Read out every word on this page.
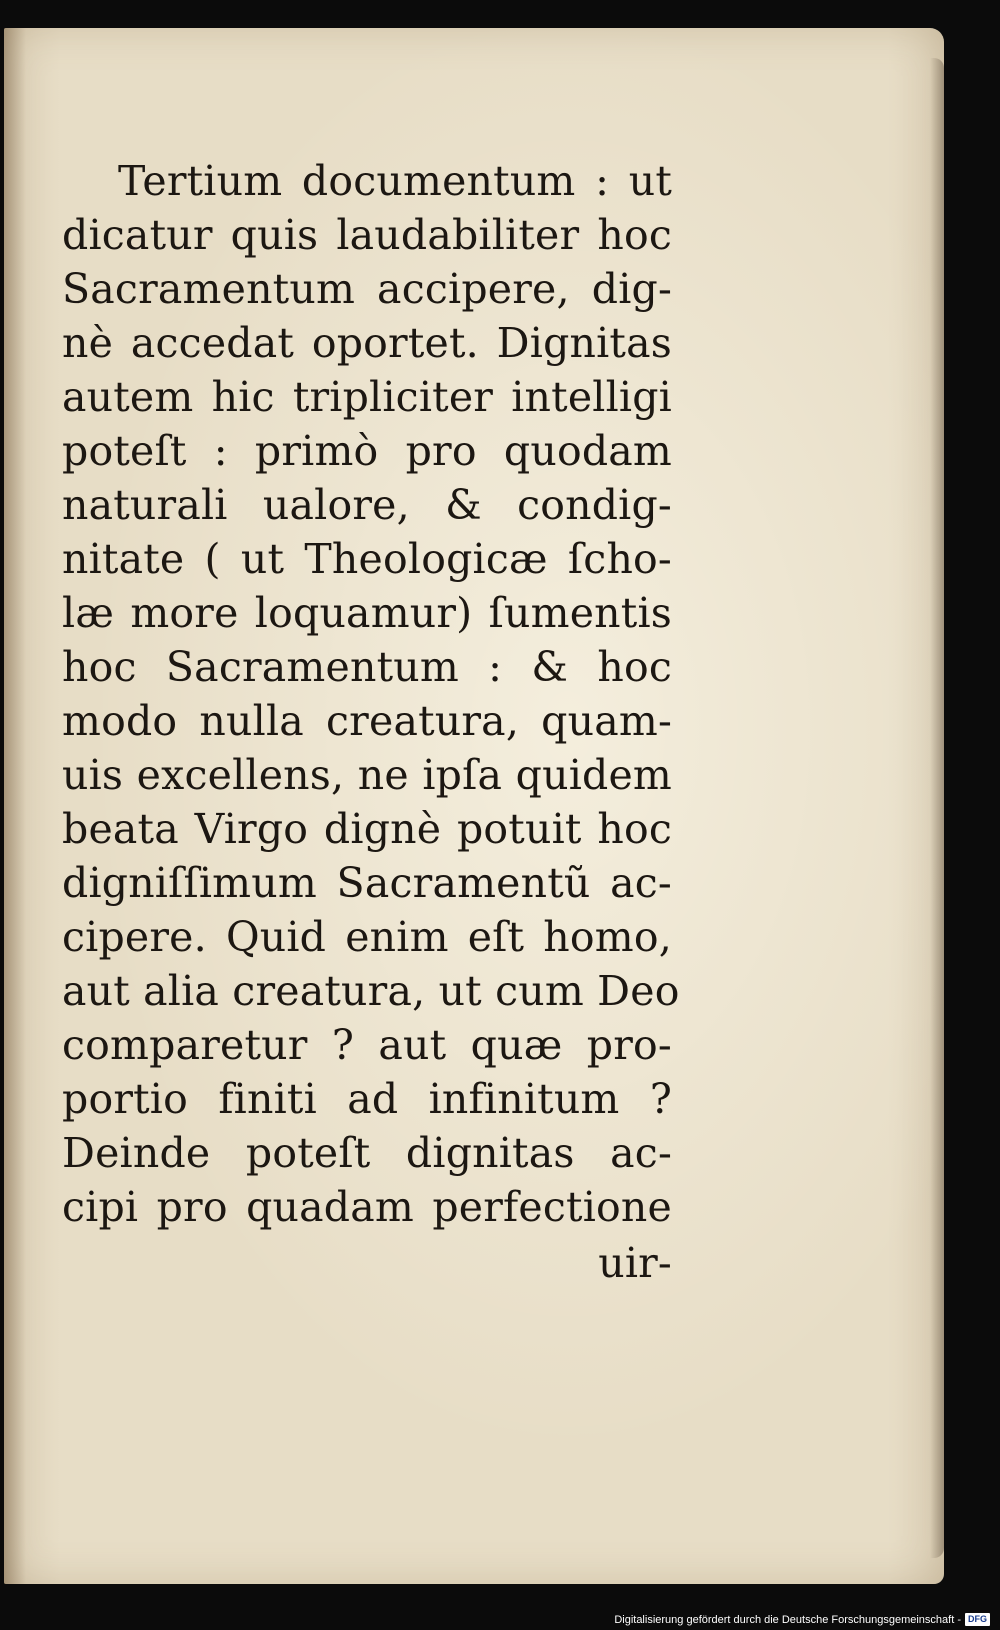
Tertium documentum : ut
dicatur quis laudabiliter hoc
Sacramentum accipere, dig-
nè accedat oportet. Dignitas
autem hic tripliciter intelligi
poteſt : primò pro quodam
naturali ualore, & condig-
nitate ( ut Theologicæ ſcho-
læ more loquamur) ſumentis
hoc Sacramentum : & hoc
modo nulla creatura, quam-
uis excellens, ne ipſa quidem
beata Virgo dignè potuit hoc
digniſſimum Sacramentũ ac-
cipere. Quid enim eſt homo,
aut alia creatura, ut cum Deo
comparetur ? aut quæ pro-
portio finiti ad infinitum ?
Deinde poteſt dignitas ac-
cipi pro quadam perfectione
uir-
Digitalisierung gefördert durch die Deutsche Forschungsgemeinschaft - DFG
